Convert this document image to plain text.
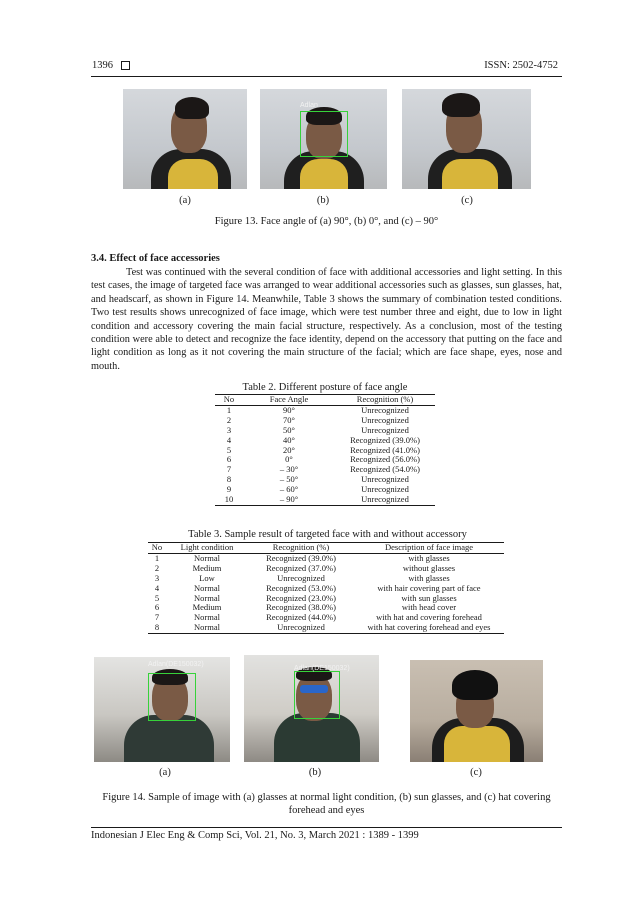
1396	ISSN: 2502-4752
Adlan
(a)	(b)	(c)
Figure 13. Face angle of (a) 90°, (b) 0°, and (c) – 90°
3.4. Effect of face accessories
Test was continued with the several condition of face with additional accessories and light setting. In this test cases, the image of targeted face was arranged to wear additional accessories such as glasses, sun glasses, hat, and headscarf, as shown in Figure 14. Meanwhile, Table 3 shows the summary of combination tested conditions. Two test results shows unrecognized of face image, which were test number three and eight, due to low in light condition and accessory covering the main facial structure, respectively. As a conclusion, most of the testing condition were able to detect and recognize the face identity, depend on the accessory that putting on the face and light condition as long as it not covering the main structure of the facial; which are face shape, eyes, nose and mouth.
Table 2. Different posture of face angle
No	Face Angle	Recognition (%)
1	90°	Unrecognized
2	70°	Unrecognized
3	50°	Unrecognized
4	40°	Recognized (39.0%)
5	20°	Recognized (41.0%)
6	0°	Recognized (56.0%)
7	– 30°	Recognized (54.0%)
8	– 50°	Unrecognized
9	– 60°	Unrecognized
10	– 90°	Unrecognized
Table 3. Sample result of targeted face with and without accessory
No	Light condition	Recognition (%)	Description of face image
1	Normal	Recognized (39.0%)	with glasses
2	Medium	Recognized (37.0%)	without glasses
3	Low	Unrecognized	with glasses
4	Normal	Recognized (53.0%)	with hair covering part of face
5	Normal	Recognized (23.0%)	with sun glasses
6	Medium	Recognized (38.0%)	with head cover
7	Normal	Recognized (44.0%)	with hat and covering forehead
8	Normal	Unrecognized	with hat covering forehead and eyes
Adlan(DE150032)
Adlan(DE150032)
(a)	(b)	(c)
Figure 14. Sample of image with (a) glasses at normal light condition, (b) sun glasses, and (c) hat covering
forehead and eyes
Indonesian J Elec Eng & Comp Sci, Vol. 21, No. 3, March 2021 : 1389 - 1399
